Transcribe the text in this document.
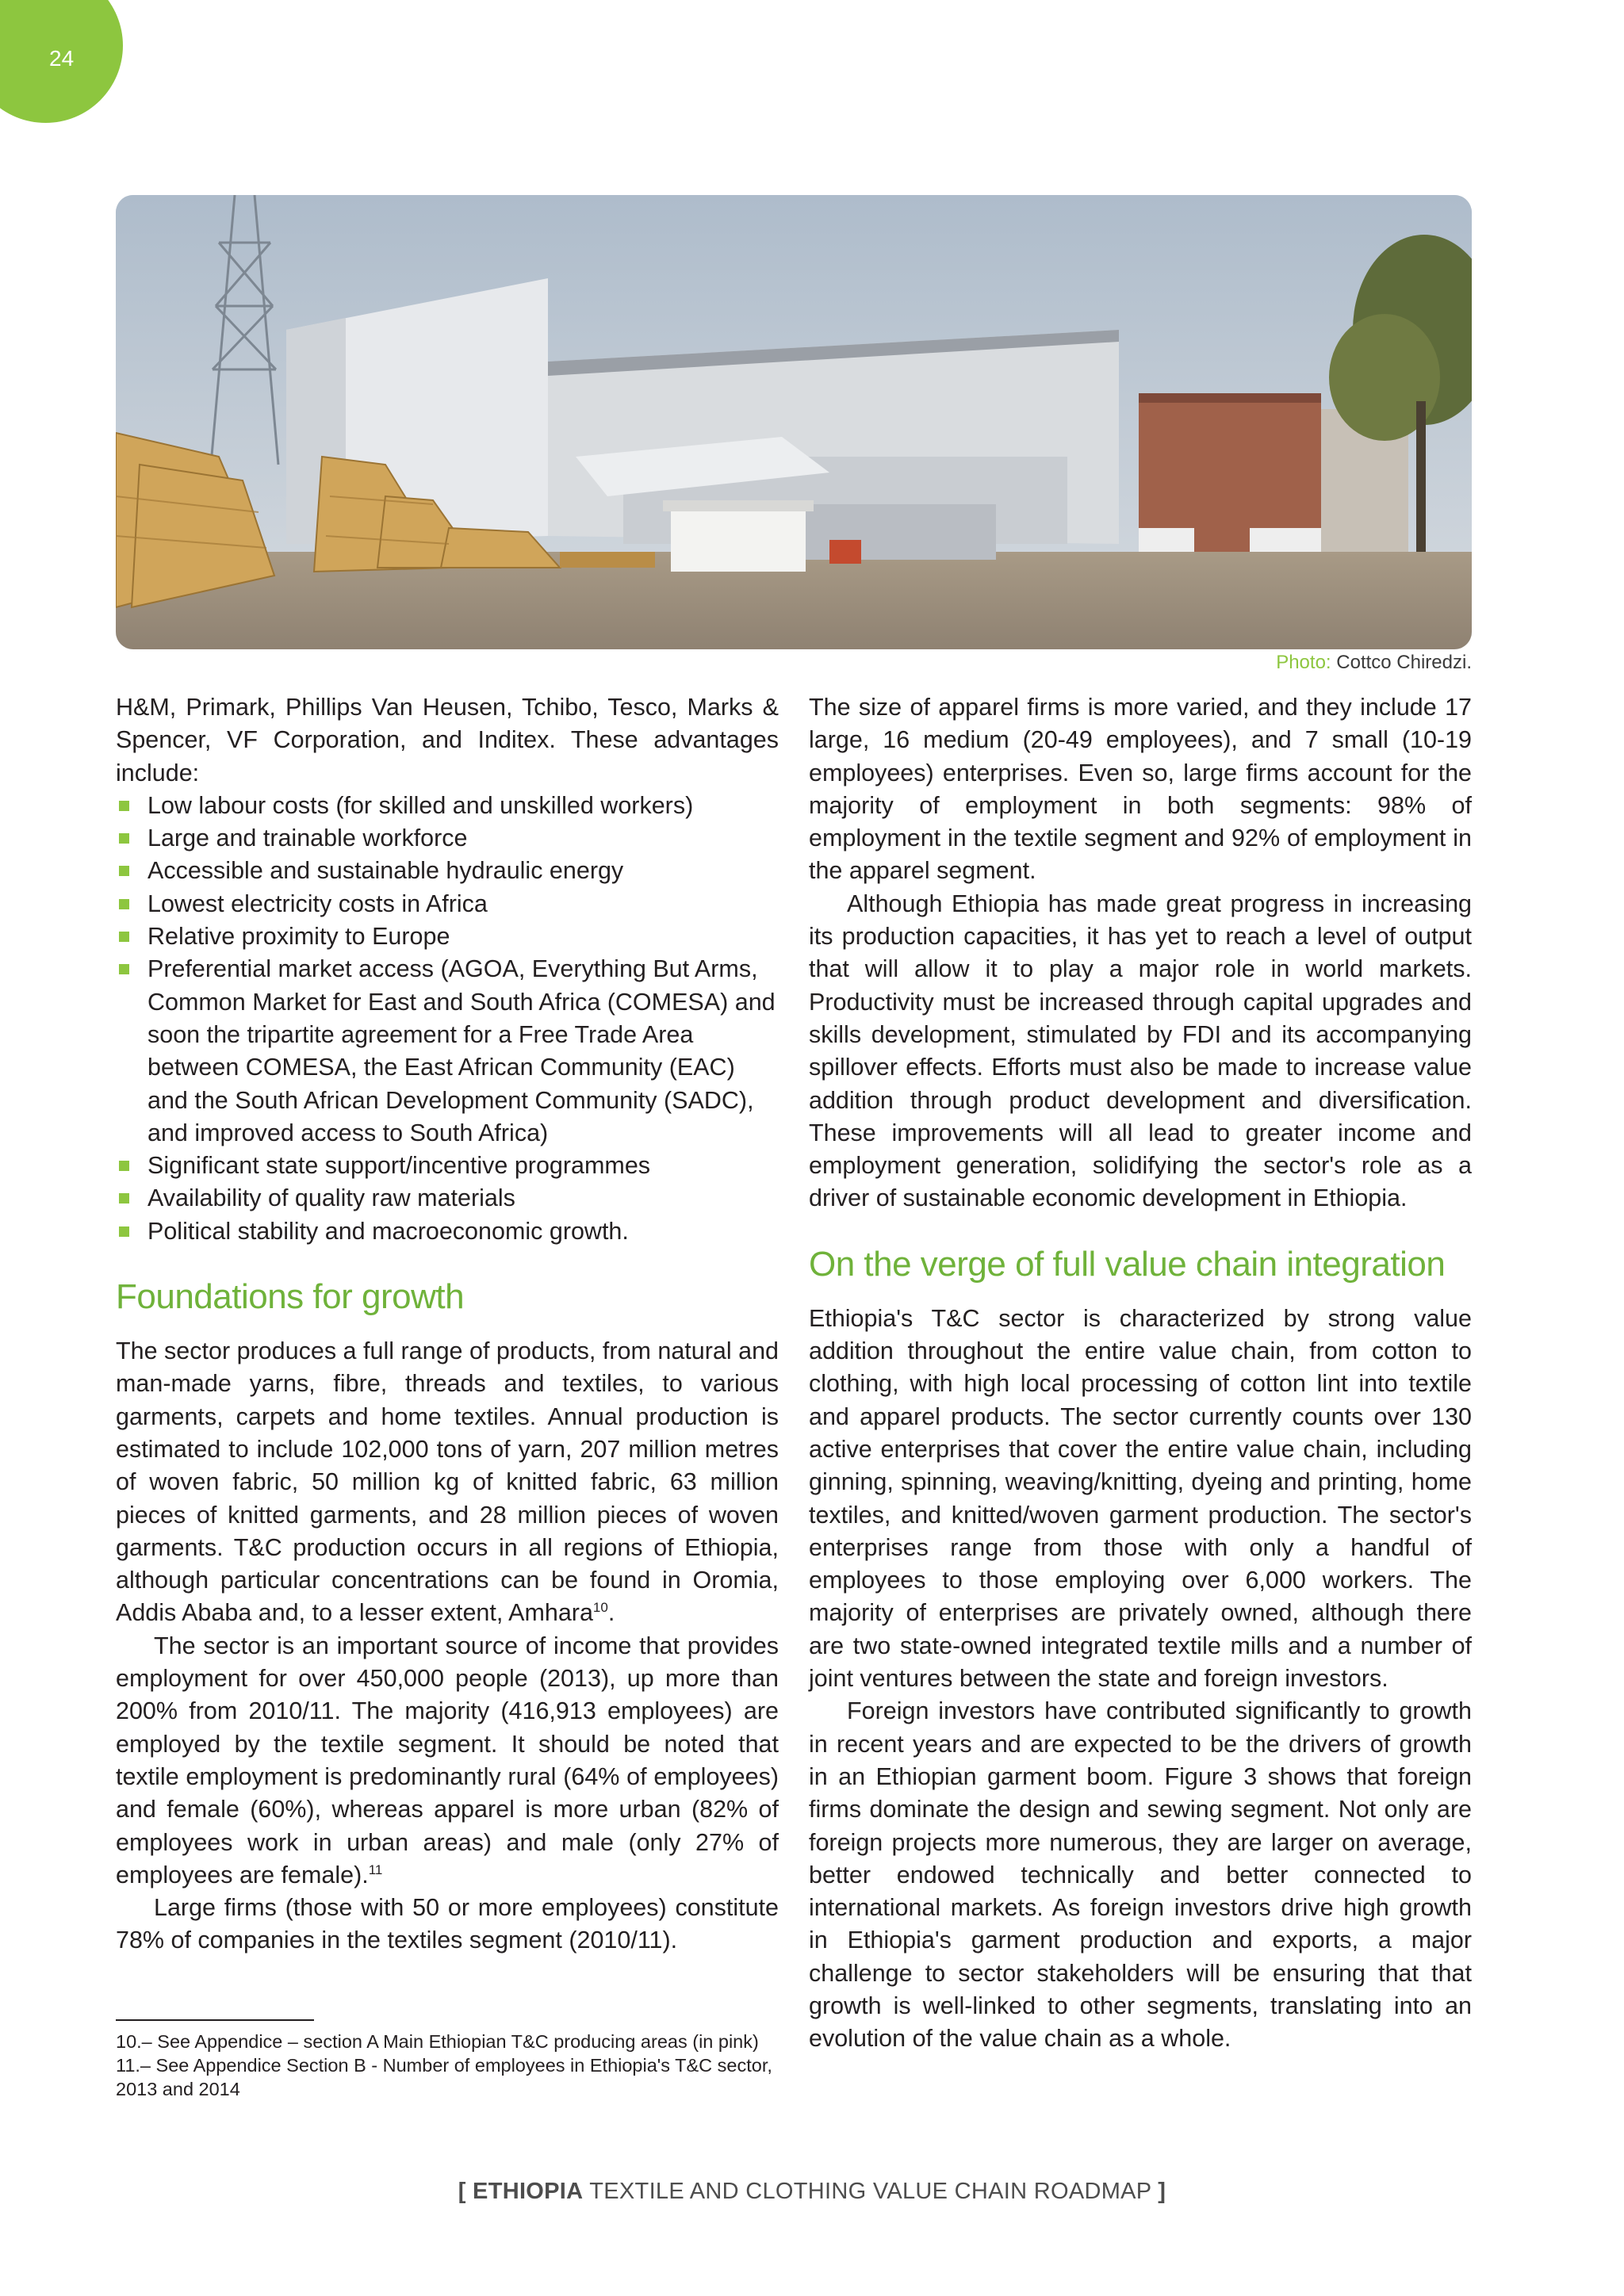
24
Photo: Cottco Chiredzi.

H&M, Primark, Phillips Van Heusen, Tchibo, Tesco, Marks & Spencer, VF Corporation, and Inditex. These advantages include:

Low labour costs (for skilled and unskilled workers)
Large and trainable workforce
Accessible and sustainable hydraulic energy
Lowest electricity costs in Africa
Relative proximity to Europe
Preferential market access (AGOA, Everything But Arms, Common Market for East and South Africa (COMESA) and soon the tripartite agreement for a Free Trade Area between COMESA, the East African Community (EAC) and the South African Development Community (SADC), and improved access to South Africa)
Significant state support/incentive programmes
Availability of quality raw materials
Political stability and macroeconomic growth.
Foundations for growth

The sector produces a full range of products, from natural and man-made yarns, fibre, threads and textiles, to various garments, carpets and home textiles. Annual production is estimated to include 102,000 tons of yarn, 207 million metres of woven fabric, 50 million kg of knitted fabric, 63 million pieces of knitted garments, and 28 million pieces of woven garments. T&C production occurs in all regions of Ethiopia, although particular concentrations can be found in Oromia, Addis Ababa and, to a lesser extent, Amhara$^{10}$.

The sector is an important source of income that provides employment for over 450,000 people (2013), up more than 200% from 2010/11. The majority (416,913 employees) are employed by the textile segment. It should be noted that textile employment is predominantly rural (64% of employees) and female (60%), whereas apparel is more urban (82% of employees work in urban areas) and male (only 27% of employees are female).$^{11}$

Large firms (those with 50 or more employees) constitute 78% of companies in the textiles segment (2010/11).

10.– See Appendice – section A Main Ethiopian T&C producing areas (in pink)

11.– See Appendice Section B - Number of employees in Ethiopia's T&C sector, 2013 and 2014

The size of apparel firms is more varied, and they include 17 large, 16 medium (20-49 employees), and 7 small (10-19 employees) enterprises. Even so, large firms account for the majority of employment in both segments: 98% of employment in the textile segment and 92% of employment in the apparel segment.

Although Ethiopia has made great progress in increasing its production capacities, it has yet to reach a level of output that will allow it to play a major role in world markets. Productivity must be increased through capital upgrades and skills development, stimulated by FDI and its accompanying spillover effects. Efforts must also be made to increase value addition through product development and diversification. These improvements will all lead to greater income and employment generation, solidifying the sector's role as a driver of sustainable economic development in Ethiopia.

On the verge of full value chain integration

Ethiopia's T&C sector is characterized by strong value addition throughout the entire value chain, from cotton to clothing, with high local processing of cotton lint into textile and apparel products. The sector currently counts over 130 active enterprises that cover the entire value chain, including ginning, spinning, weaving/knitting, dyeing and printing, home textiles, and knitted/woven garment production. The sector's enterprises range from those with only a handful of employees to those employing over 6,000 workers. The majority of enterprises are privately owned, although there are two state-owned integrated textile mills and a number of joint ventures between the state and foreign investors.

Foreign investors have contributed significantly to growth in recent years and are expected to be the drivers of growth in an Ethiopian garment boom. Figure 3 shows that foreign firms dominate the design and sewing segment. Not only are foreign projects more numerous, they are larger on average, better endowed technically and better connected to international markets. As foreign investors drive high growth in Ethiopia's garment production and exports, a major challenge to sector stakeholders will be ensuring that that growth is well-linked to other segments, translating into an evolution of the value chain as a whole.

[ ETHIOPIA TEXTILE AND CLOTHING VALUE CHAIN ROADMAP ]
